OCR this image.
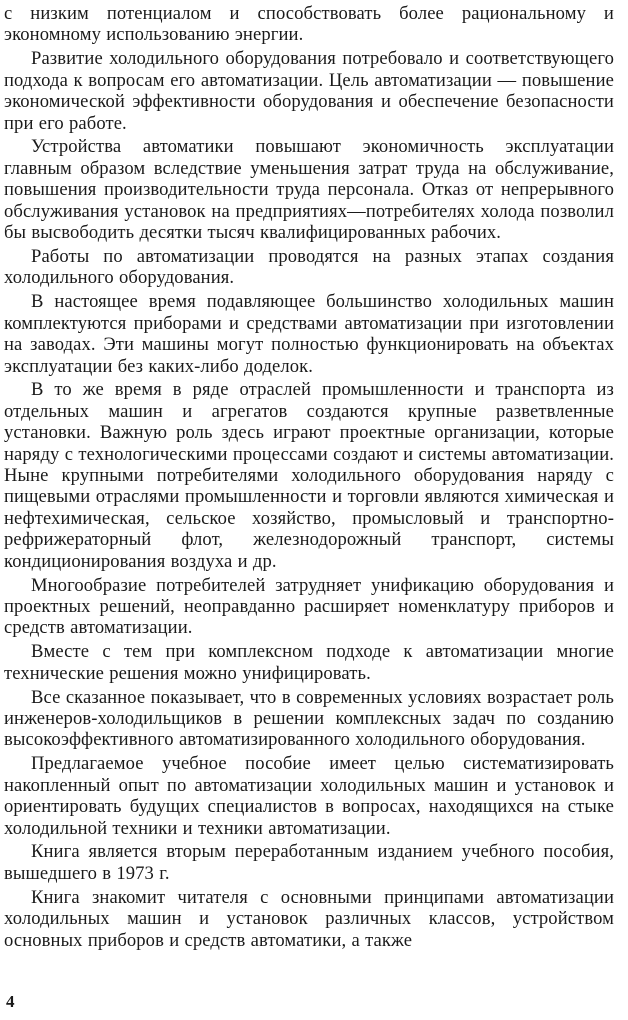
с низким потенциалом и способствовать более рациональному и экономному использованию энергии.

Развитие холодильного оборудования потребовало и соответствующего подхода к вопросам его автоматизации. Цель автоматизации — повышение экономической эффективности оборудования и обеспечение безопасности при его работе.

Устройства автоматики повышают экономичность эксплуатации главным образом вследствие уменьшения затрат труда на обслуживание, повышения производительности труда персонала. Отказ от непрерывного обслуживания установок на предприятиях—потребителях холода позволил бы высвободить десятки тысяч квалифицированных рабочих.

Работы по автоматизации проводятся на разных этапах создания холодильного оборудования.

В настоящее время подавляющее большинство холодильных машин комплектуются приборами и средствами автоматизации при изготовлении на заводах. Эти машины могут полностью функционировать на объектах эксплуатации без каких-либо доделок.

В то же время в ряде отраслей промышленности и транспорта из отдельных машин и агрегатов создаются крупные разветвленные установки. Важную роль здесь играют проектные организации, которые наряду с технологическими процессами создают и системы автоматизации. Ныне крупными потребителями холодильного оборудования наряду с пищевыми отраслями промышленности и торговли являются химическая и нефтехимическая, сельское хозяйство, промысловый и транспортно-рефрижераторный флот, железнодорожный транспорт, системы кондиционирования воздуха и др.

Многообразие потребителей затрудняет унификацию оборудования и проектных решений, неоправданно расширяет номенклатуру приборов и средств автоматизации.

Вместе с тем при комплексном подходе к автоматизации многие технические решения можно унифицировать.

Все сказанное показывает, что в современных условиях возрастает роль инженеров-холодильщиков в решении комплексных задач по созданию высокоэффективного автоматизированного холодильного оборудования.

Предлагаемое учебное пособие имеет целью систематизировать накопленный опыт по автоматизации холодильных машин и установок и ориентировать будущих специалистов в вопросах, находящихся на стыке холодильной техники и техники автоматизации.

Книга является вторым переработанным изданием учебного пособия, вышедшего в 1973 г.

Книга знакомит читателя с основными принципами автоматизации холодильных машин и установок различных классов, устройством основных приборов и средств автоматики, а также

4
